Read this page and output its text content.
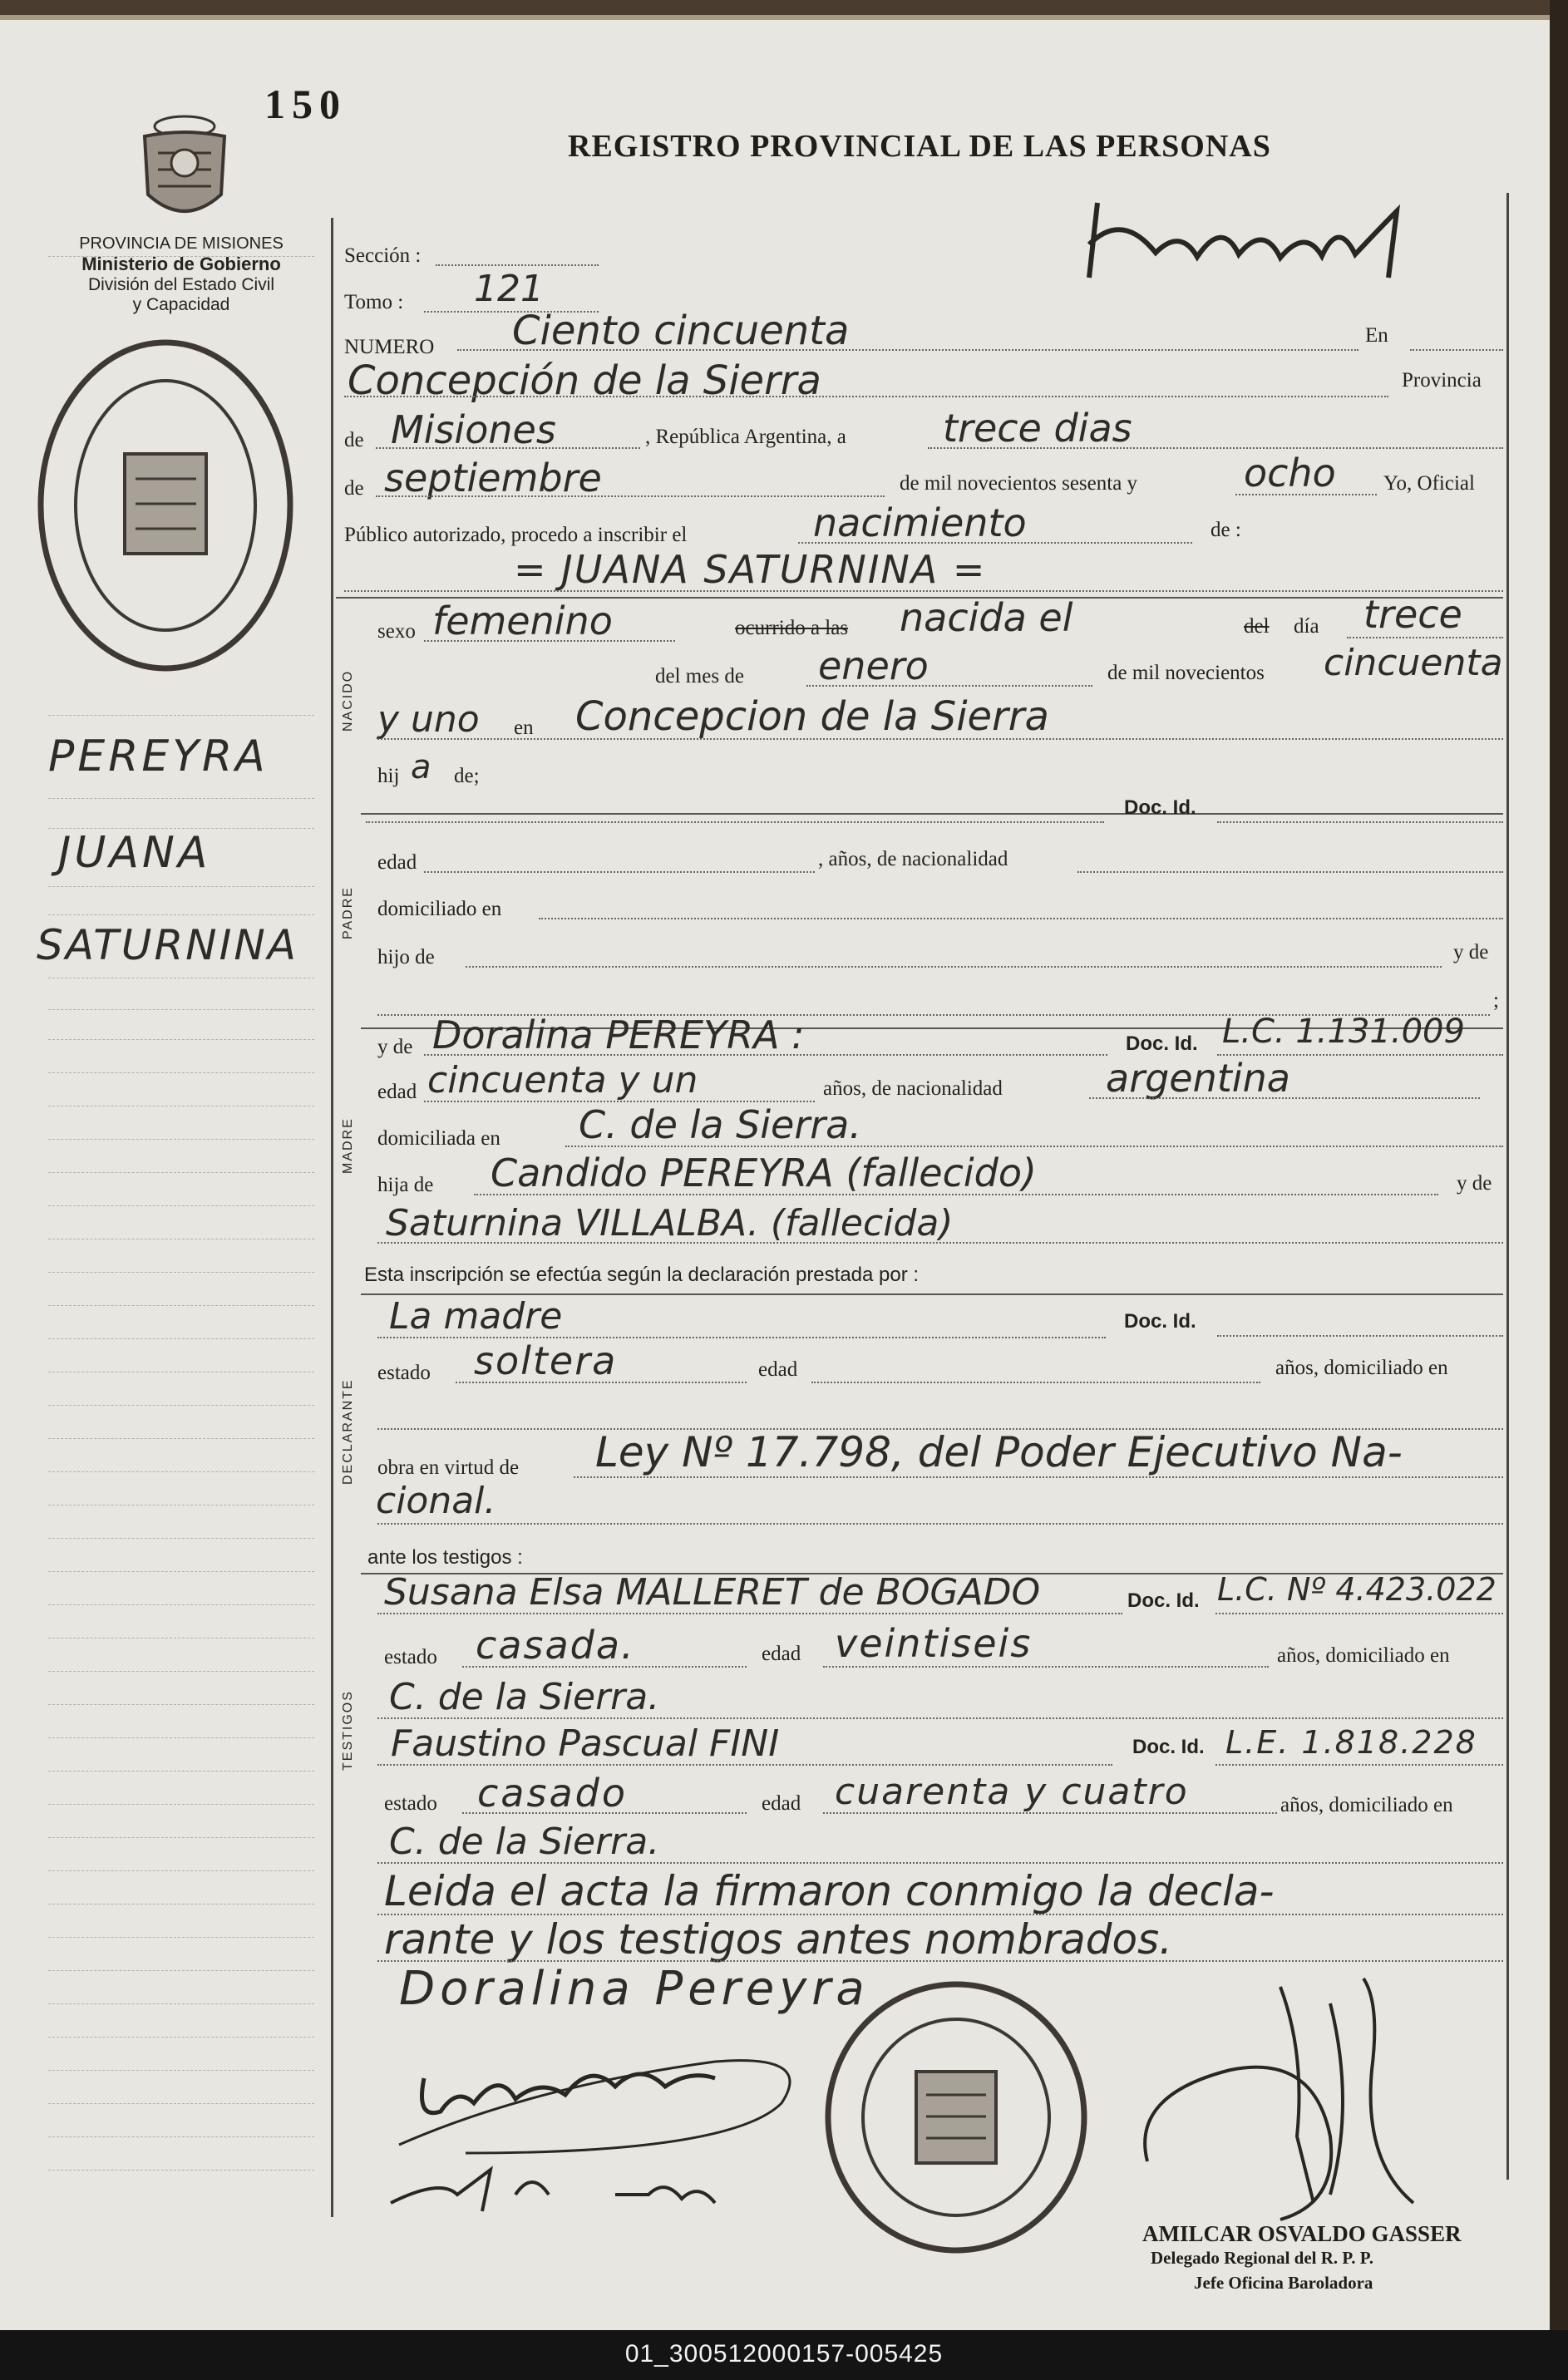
150
REGISTRO PROVINCIAL DE LAS PERSONAS
PROVINCIA DE MISIONES
Ministerio de Gobierno
División del Estado Civil
y Capacidad
PEREYRA
JUANA
SATURNINA
Sección :
Tomo : 121
NUMERO Ciento cincuenta	En
Concepción de la Sierra	Provincia
de Misiones	, República Argentina, a	trece dias
de septiembre	de mil novecientos sesenta y	ocho Yo, Oficial
Público autorizado, procedo a inscribir el	nacimiento	de :
= JUANA SATURNINA =
NACIDO
sexo femenino	ocurrido a las nacida el	del día trece
del mes de enero	de mil novecientos cincuenta
y uno en Concepcion de la Sierra
hij a de;
PADRE
Doc. Id.
edad	, años, de nacionalidad
domiciliado en
hijo de	y de
;
MADRE
y de Doralina PEREYRA :	Doc. Id. L.C. 1.131.009
edad cincuenta y un	años, de nacionalidad	argentina
domiciliada en C. de la Sierra.
hija de Candido PEREYRA (fallecido)	y de
Saturnina VILLALBA. (fallecida)
Esta inscripción se efectúa según la declaración prestada por :
DECLARANTE
La madre	Doc. Id.
estado soltera	edad	años, domiciliado en
obra en virtud de Ley Nº 17.798, del Poder Ejecutivo Na-
cional.
ante los testigos :
TESTIGOS
Susana Elsa MALLERET de BOGADO	Doc. Id. L.C. Nº 4.423.022
estado casada.	edad veintiseis	años, domiciliado en
C. de la Sierra.
Faustino Pascual FINI	Doc. Id. L.E. 1.818.228
estado casado	edad cuarenta y cuatro	años, domiciliado en
C. de la Sierra.
Leida el acta la firmaron conmigo la decla-
rante y los testigos antes nombrados.
Doralina Pereyra
AMILCAR OSVALDO GASSER
Delegado Regional del R. P. P.
Jefe Oficina Baroladora
01_300512000157-005425
